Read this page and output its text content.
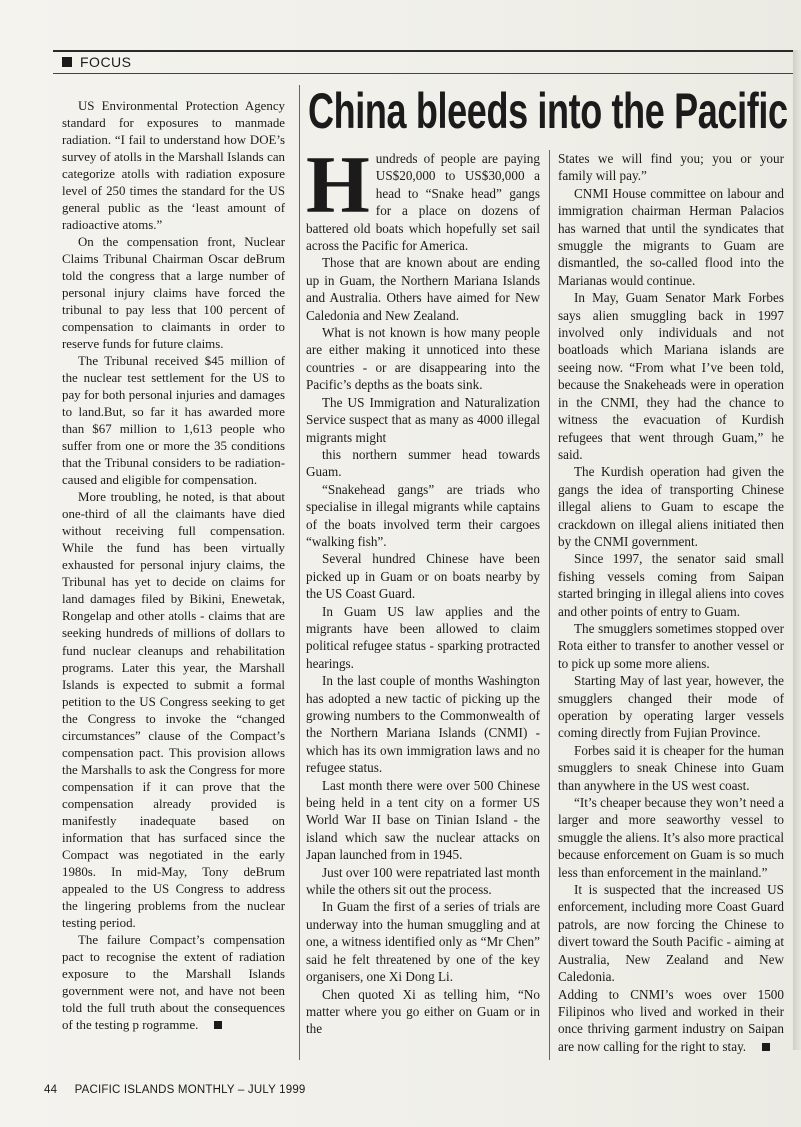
FOCUS
China bleeds into the Pacific

US Environmental Protection Agency standard for exposures to manmade radiation. “I fail to understand how DOE’s survey of atolls in the Marshall Islands can categorize atolls with radiation exposure level of 250 times the standard for the US general public as the ‘least amount of radioactive atoms.”

On the compensation front, Nuclear Claims Tribunal Chairman Oscar deBrum told the congress that a large number of personal injury claims have forced the tribunal to pay less that 100 percent of compensation to claimants in order to reserve funds for future claims.

The Tribunal received $45 million of the nuclear test settlement for the US to pay for both personal injuries and damages to land.But, so far it has awarded more than $67 million to 1,613 people who suffer from one or more the 35 conditions that the Tribunal considers to be radiation-caused and eligible for compensation.

More troubling, he noted, is that about one-third of all the claimants have died without receiving full compensation. While the fund has been virtually exhausted for personal injury claims, the Tribunal has yet to decide on claims for land damages filed by Bikini, Enewetak, Rongelap and other atolls - claims that are seeking hundreds of millions of dollars to fund nuclear cleanups and rehabilitation programs. Later this year, the Marshall Islands is expected to submit a formal petition to the US Congress seeking to get the Congress to invoke the “changed circumstances” clause of the Compact’s compensation pact. This provision allows the Marshalls to ask the Congress for more compensation if it can prove that the compensation already provided is manifestly inadequate based on information that has surfaced since the Compact was negotiated in the early 1980s. In mid-May, Tony deBrum appealed to the US Congress to address the lingering problems from the nuclear testing period.

The failure Compact’s compensation pact to recognise the extent of radiation exposure to the Marshall Islands government were not, and have not been told the full truth about the consequences of the testing p rogramme.

Hundreds of people are paying US$20,000 to US$30,000 a head to “Snake head” gangs for a place on dozens of battered old boats which hopefully set sail across the Pacific for America.

Those that are known about are ending up in Guam, the Northern Mariana Islands and Australia. Others have aimed for New Caledonia and New Zealand.

What is not known is how many people are either making it unnoticed into these countries - or are disappearing into the Pacific’s depths as the boats sink.

The US Immigration and Naturalization Service suspect that as many as 4000 illegal migrants might

this northern summer head towards Guam.

“Snakehead gangs” are triads who specialise in illegal migrants while captains of the boats involved term their cargoes “walking fish”.

Several hundred Chinese have been picked up in Guam or on boats nearby by the US Coast Guard.

In Guam US law applies and the migrants have been allowed to claim political refugee status - sparking protracted hearings.

In the last couple of months Washington has adopted a new tactic of picking up the growing numbers to the Commonwealth of the Northern Mariana Islands (CNMI) - which has its own immigration laws and no refugee status.

Last month there were over 500 Chinese being held in a tent city on a former US World War II base on Tinian Island - the island which saw the nuclear attacks on Japan launched from in 1945.

Just over 100 were repatriated last month while the others sit out the process.

In Guam the first of a series of trials are underway into the human smuggling and at one, a witness identified only as “Mr Chen” said he felt threatened by one of the key organisers, one Xi Dong Li.

Chen quoted Xi as telling him, “No matter where you go either on Guam or in the

States we will find you; you or your family will pay.”

CNMI House committee on labour and immigration chairman Herman Palacios has warned that until the syndicates that smuggle the migrants to Guam are dismantled, the so-called flood into the Marianas would continue.

In May, Guam Senator Mark Forbes says alien smuggling back in 1997 involved only individuals and not boatloads which Mariana islands are seeing now. “From what I’ve been told, because the Snakeheads were in operation in the CNMI, they had the chance to witness the evacuation of Kurdish refugees that went through Guam,” he said.

The Kurdish operation had given the gangs the idea of transporting Chinese illegal aliens to Guam to escape the crackdown on illegal aliens initiated then by the CNMI government.

Since 1997, the senator said small fishing vessels coming from Saipan started bringing in illegal aliens into coves and other points of entry to Guam.

The smugglers sometimes stopped over Rota either to transfer to another vessel or to pick up some more aliens.

Starting May of last year, however, the smugglers changed their mode of operation by operating larger vessels coming directly from Fujian Province.

Forbes said it is cheaper for the human smugglers to sneak Chinese into Guam than anywhere in the US west coast.

“It’s cheaper because they won’t need a larger and more seaworthy vessel to smuggle the aliens. It’s also more practical because enforcement on Guam is so much less than enforcement in the mainland.”

It is suspected that the increased US enforcement, including more Coast Guard patrols, are now forcing the Chinese to divert toward the South Pacific - aiming at Australia, New Zealand and New Caledonia.

Adding to CNMI’s woes over 1500 Filipinos who lived and worked in their once thriving garment industry on Saipan are now calling for the right to stay.

44 PACIFIC ISLANDS MONTHLY – JULY 1999
